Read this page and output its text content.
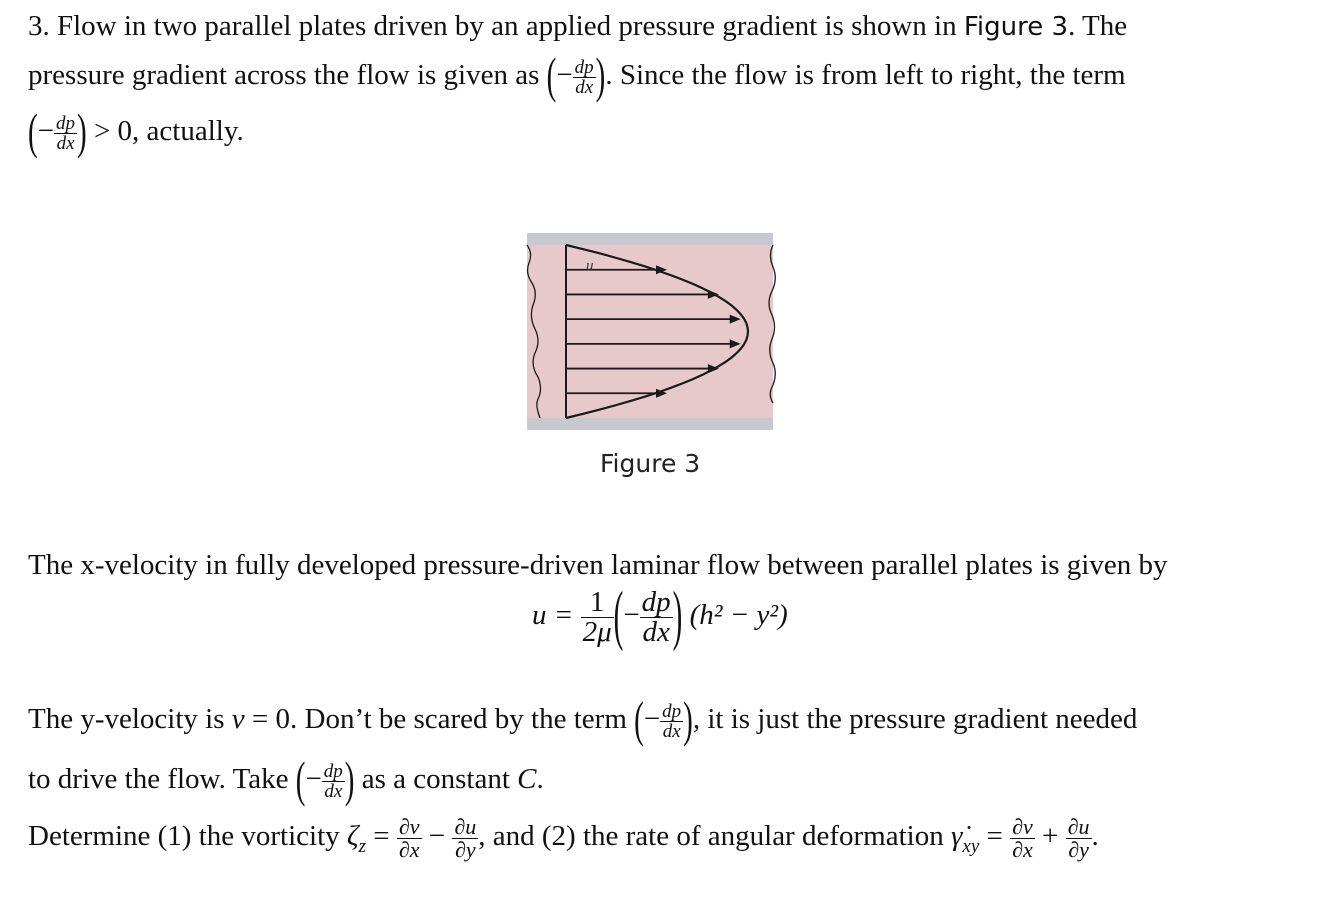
3. Flow in two parallel plates driven by an applied pressure gradient is shown in Figure 3. The
pressure gradient across the flow is given as (− $\frac{dp}{dx}$ ). Since the flow is from left to right, the term
(− $\frac{dp}{dx}$ ) > 0, actually.
u
Figure 3
The x-velocity in fully developed pressure-driven laminar flow between parallel plates is given by
$u = \frac{1}{2\mu}$ (− $\frac{dp}{dx}$ ) (h² − y²)
The y-velocity is v = 0. Don’t be scared by the term (− $\frac{dp}{dx}$ ), it is just the pressure gradient needed
to drive the flow. Take (− $\frac{dp}{dx}$ ) as a constant C.
Determine (1) the vorticity $\zeta_z = \frac{\partial v}{\partial x} - \frac{\partial u}{\partial y}$ , and (2) the rate of angular deformation $\gammȧ_{xy} = \frac{\partial v}{\partial x} + \frac{\partial u}{\partial y}$ .
